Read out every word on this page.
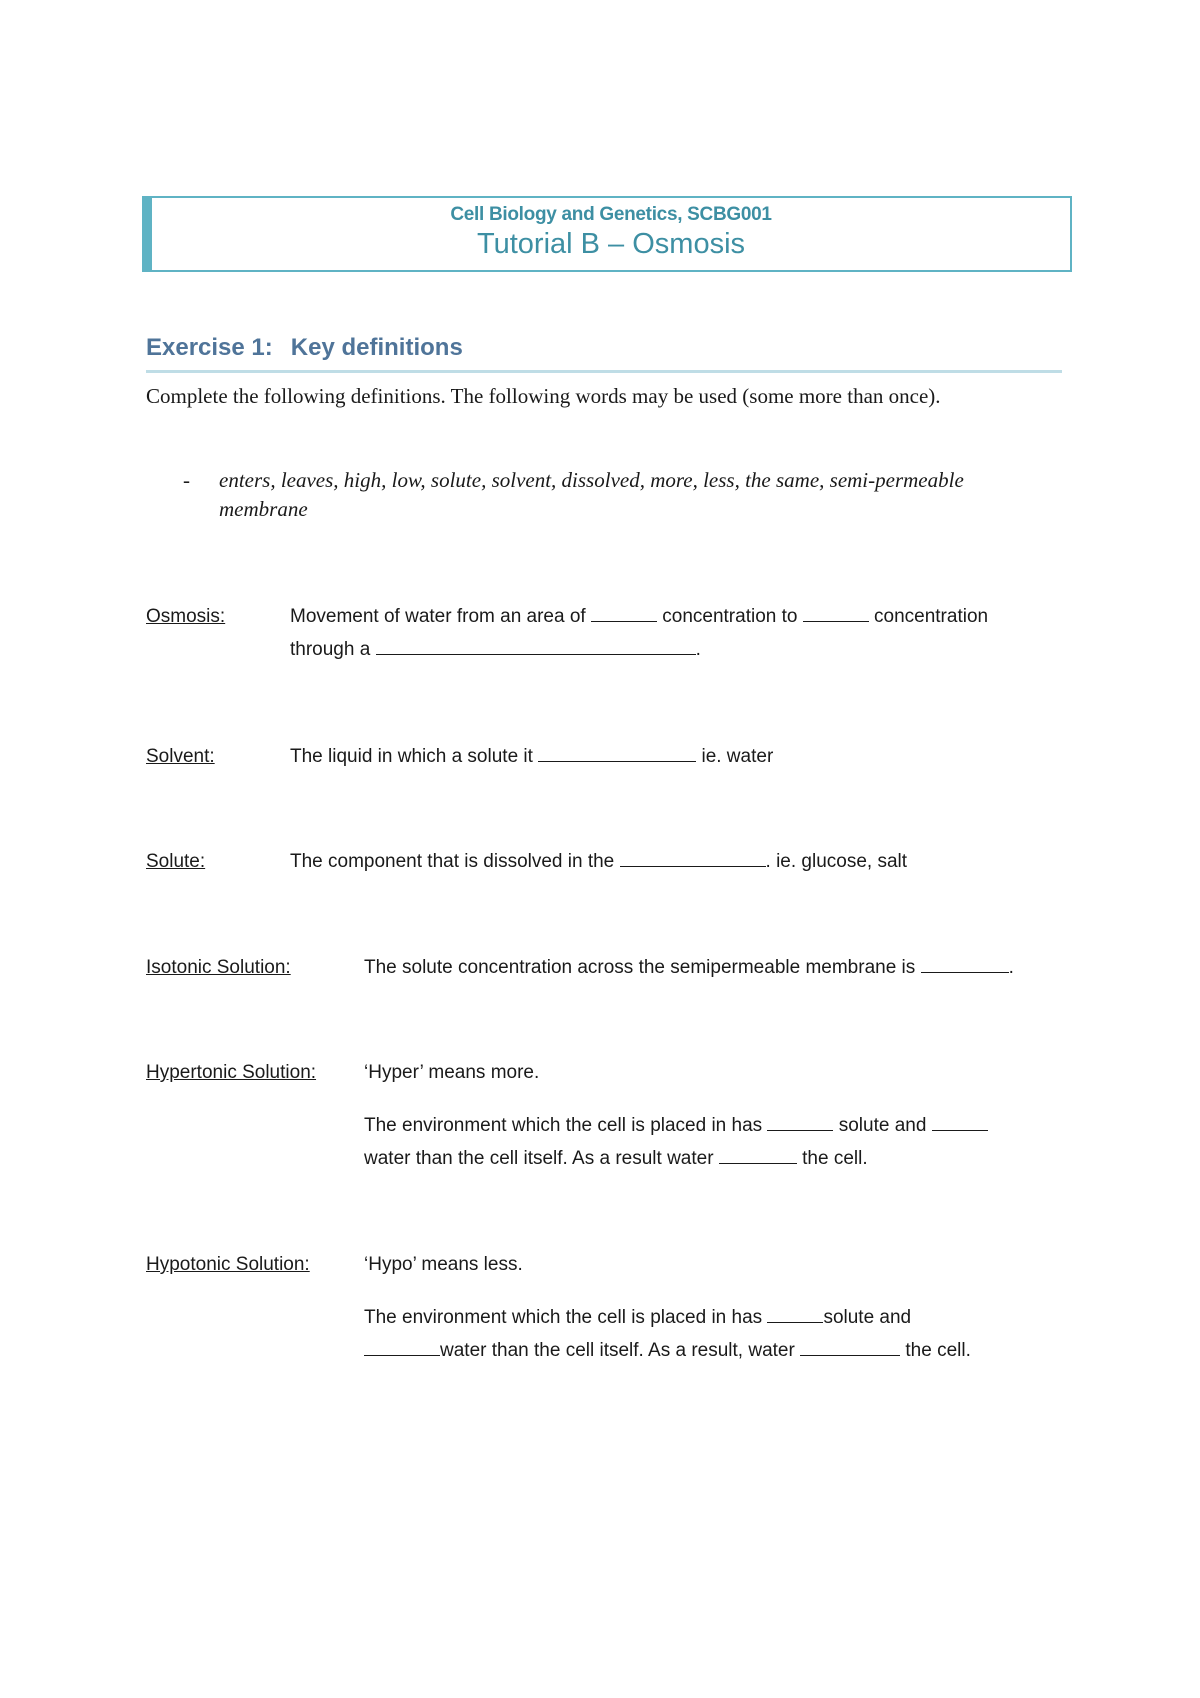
Cell Biology and Genetics, SCBG001
Tutorial B – Osmosis
Exercise 1: Key definitions
Complete the following definitions. The following words may be used (some more than once).
- enters, leaves, high, low, solute, solvent, dissolved, more, less, the same, semi-permeable membrane
Osmosis:	Movement of water from an area of	concentration to	concentration
through a	.
Solvent:	The liquid in which a solute it	ie. water
Solute:	The component that is dissolved in the	. ie. glucose, salt
Isotonic Solution:	The solute concentration across the semipermeable membrane is	.
Hypertonic Solution:	‘Hyper’ means more.
The environment which the cell is placed in has	solute and
water than the cell itself. As a result water	the cell.
Hypotonic Solution:	‘Hypo’ means less.
The environment which the cell is placed in has	solute and
water than the cell itself. As a result, water	the cell.
